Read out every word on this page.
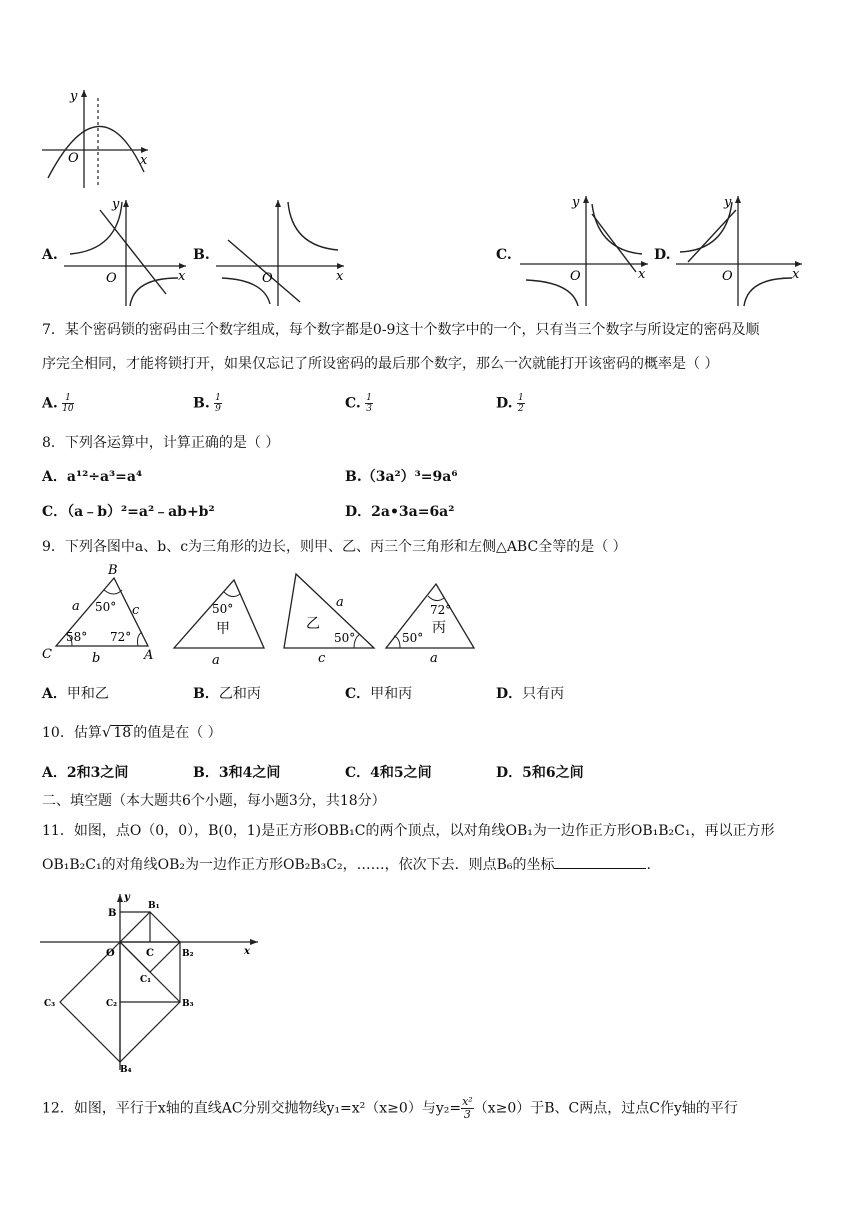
y
x
O
A.
y
x
O
B.
x
O
C.
y
x
O
D.
y
x
O
7．某个密码锁的密码由三个数字组成，每个数字都是0-9这十个数字中的一个，只有当三个数字与所设定的密码及顺
序完全相同，才能将锁打开，如果仅忘记了所设密码的最后那个数字，那么一次就能打开该密码的概率是（ ）
A. $\frac{1}{10}$	B. $\frac{1}{9}$	C. $\frac{1}{3}$	D. $\frac{1}{2}$
8．下列各运算中，计算正确的是（ ）
A．a¹²÷a³=a⁴	B.（3a²）³=9a⁶
C．（a﹣b）²=a²﹣ab+b²	D．2a•3a=6a²
9．下列各图中a、b、c为三角形的边长，则甲、乙、丙三个三角形和左侧△ABC全等的是（ ）
B
C	A
a	c
b
50°
58° 72°
50°
甲
a
乙
a
50°
c
72°
丙
50°
a
A．甲和乙	B．乙和丙	C．甲和丙	D．只有丙
10．估算√ 18 的值是在（ ）
A．2和3之间	B．3和4之间	C．4和5之间	D．5和6之间
二、填空题（本大题共6个小题，每小题3分，共18分）
11．如图，点O（0，0），B(0，1)是正方形OBB₁C的两个顶点，以对角线OB₁为一边作正方形OB₁B₂C₁，再以正方形
OB₁B₂C₁的对角线OB₂为一边作正方形OB₂B₃C₂，……，依次下去．则点B₆的坐标	.
y
x
B
B₁
O	C	B₂
C₁
C₂	B₃
C₃
B₄
12．如图，平行于x轴的直线AC分别交抛物线y₁=x²（x≥0）与$y_2= \frac{\text{x²}}{3} (x\ge 0)$于B、C两点，过点C作y轴的平行
